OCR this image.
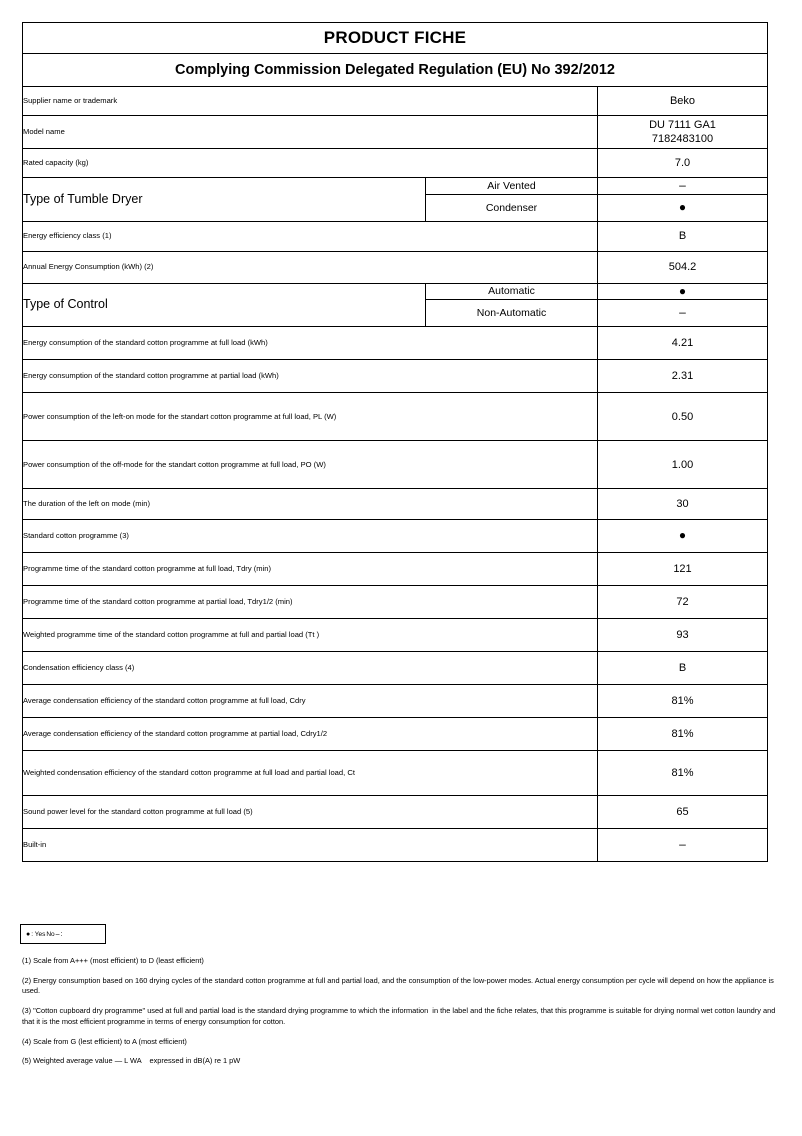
PRODUCT FICHE		
Complying Commission Delegated Regulation (EU) No 392/2012		
Supplier name or trademark		Beko
Model name		DU 7111 GA1
7182483100

Rated capacity (kg)		7.0
Type of Tumble Dryer	Air Vented	–
	Condenser	●
Energy efficiency class (1)		B
Annual Energy Consumption (kWh) (2)		504.2
Type of Control	Automatic	●
	Non-Automatic	–
Energy consumption of the standard cotton programme at full load (kWh)		4.21
Energy consumption of the standard cotton programme at partial load (kWh)		2.31
Power consumption of the left-on mode for the standart cotton programme at full load, PL (W)		0.50
Power consumption of the off-mode for the standart cotton programme at full load, PO (W)		1.00
The duration of the left on mode (min)		30
Standard cotton programme (3)		●
Programme time of the standard cotton programme at full load, Tdry (min)		121
Programme time of the standard cotton programme at partial load, Tdry1/2 (min)		72
Weighted programme time of the standard cotton programme at full and partial load (Tt )		93
Condensation efficiency class (4)		B
Average condensation efficiency of the standard cotton programme at full load, Cdry		81%
Average condensation efficiency of the standard cotton programme at partial load, Cdry1/2		81%
Weighted condensation efficiency of the standard cotton programme at full load and partial load, Ct		81%
Sound power level for the standard cotton programme at full load (5)		65
Built-in		–
● : Yes No – :
(1) Scale from A+++ (most efficient) to D (least efficient)
(2) Energy consumption based on 160 drying cycles of the standard cotton programme at full and partial load, and the consumption of the low-power modes. Actual energy consumption per cycle will depend on how the appliance is used.
(3) "Cotton cupboard dry programme" used at full and partial load is the standard drying programme to which the information  in the label and the fiche relates, that this programme is suitable for drying normal wet cotton laundry and that it is the most efficient programme in terms of energy consumption for cotton.
(4) Scale from G (lest efficient) to A (most efficient)
(5) Weighted average value — L WA    expressed in dB(A) re 1 pW
